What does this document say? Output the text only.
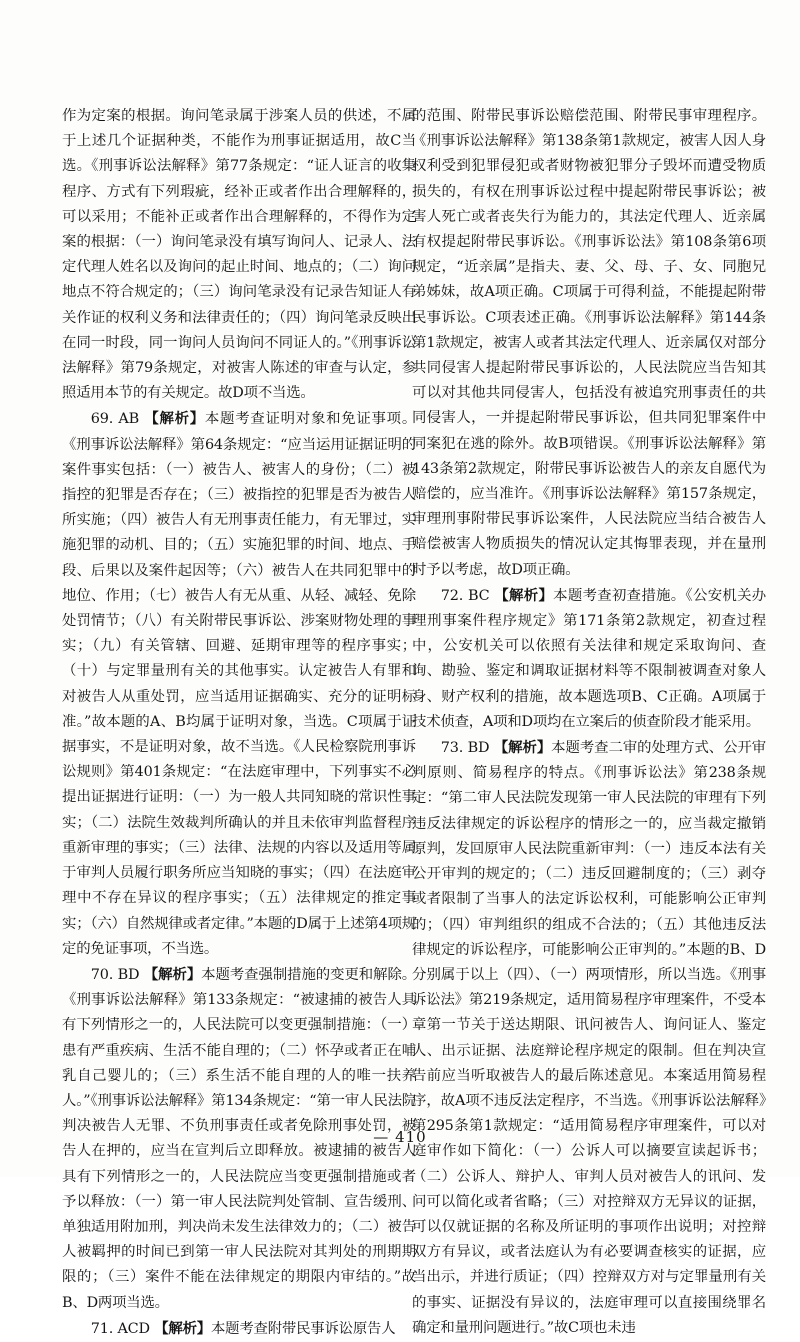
作为定案的根据。询问笔录属于涉案人员的供述，不属于上述几个证据种类，不能作为刑事证据适用，故C当选。《刑事诉讼法解释》第77条规定：“证人证言的收集程序、方式有下列瑕疵，经补正或者作出合理解释的，可以采用；不能补正或者作出合理解释的，不得作为定案的根据：（一）询问笔录没有填写询问人、记录人、法定代理人姓名以及询问的起止时间、地点的；（二）询问地点不符合规定的；（三）询问笔录没有记录告知证人有关作证的权利义务和法律责任的；（四）询问笔录反映出在同一时段，同一询问人员询问不同证人的。”《刑事诉讼法解释》第79条规定，对被害人陈述的审查与认定，参照适用本节的有关规定。故D项不当选。

69. AB 【解析】本题考查证明对象和免证事项。《刑事诉讼法解释》第64条规定：“应当运用证据证明的案件事实包括：（一）被告人、被害人的身份；（二）被指控的犯罪是否存在；（三）被指控的犯罪是否为被告人所实施；（四）被告人有无刑事责任能力，有无罪过，实施犯罪的动机、目的；（五）实施犯罪的时间、地点、手段、后果以及案件起因等；（六）被告人在共同犯罪中的地位、作用；（七）被告人有无从重、从轻、减轻、免除处罚情节；（八）有关附带民事诉讼、涉案财物处理的事实；（九）有关管辖、回避、延期审理等的程序事实；（十）与定罪量刑有关的其他事实。认定被告人有罪和对被告人从重处罚，应当适用证据确实、充分的证明标准。”故本题的A、B均属于证明对象，当选。C项属于证据事实，不是证明对象，故不当选。《人民检察院刑事诉讼规则》第401条规定：“在法庭审理中，下列事实不必提出证据进行证明：（一）为一般人共同知晓的常识性事实；（二）法院生效裁判所确认的并且未依审判监督程序重新审理的事实；（三）法律、法规的内容以及适用等属于审判人员履行职务所应当知晓的事实；（四）在法庭审理中不存在异议的程序事实；（五）法律规定的推定事实；（六）自然规律或者定律。”本题的D属于上述第4项规定的免证事项，不当选。

70. BD 【解析】本题考查强制措施的变更和解除。《刑事诉讼法解释》第133条规定：“被逮捕的被告人具有下列情形之一的，人民法院可以变更强制措施：（一）患有严重疾病、生活不能自理的；（二）怀孕或者正在哺乳自己婴儿的；（三）系生活不能自理的人的唯一扶养人。”《刑事诉讼法解释》第134条规定：“第一审人民法院判决被告人无罪、不负刑事责任或者免除刑事处罚，被告人在押的，应当在宣判后立即释放。被逮捕的被告人具有下列情形之一的，人民法院应当变更强制措施或者予以释放：（一）第一审人民法院判处管制、宣告缓刑、单独适用附加刑，判决尚未发生法律效力的；（二）被告人被羁押的时间已到第一审人民法院对其判处的刑期期限的；（三）案件不能在法律规定的期限内审结的。”故B、D两项当选。

71. ACD 【解析】本题考查附带民事诉讼原告人

的范围、附带民事诉讼赔偿范围、附带民事审理程序。《刑事诉讼法解释》第138条第1款规定，被害人因人身权利受到犯罪侵犯或者财物被犯罪分子毁坏而遭受物质损失的，有权在刑事诉讼过程中提起附带民事诉讼；被害人死亡或者丧失行为能力的，其法定代理人、近亲属有权提起附带民事诉讼。《刑事诉讼法》第108条第6项规定，“近亲属”是指夫、妻、父、母、子、女、同胞兄弟姊妹，故A项正确。C项属于可得利益，不能提起附带民事诉讼。C项表述正确。《刑事诉讼法解释》第144条第1款规定，被害人或者其法定代理人、近亲属仅对部分共同侵害人提起附带民事诉讼的，人民法院应当告知其可以对其他共同侵害人，包括没有被追究刑事责任的共同侵害人，一并提起附带民事诉讼，但共同犯罪案件中同案犯在逃的除外。故B项错误。《刑事诉讼法解释》第143条第2款规定，附带民事诉讼被告人的亲友自愿代为赔偿的，应当准许。《刑事诉讼法解释》第157条规定，审理刑事附带民事诉讼案件，人民法院应当结合被告人赔偿被害人物质损失的情况认定其悔罪表现，并在量刑时予以考虑，故D项正确。

72. BC 【解析】本题考查初查措施。《公安机关办理刑事案件程序规定》第171条第2款规定，初查过程中，公安机关可以依照有关法律和规定采取询问、查询、勘验、鉴定和调取证据材料等不限制被调查对象人身、财产权利的措施，故本题选项B、C正确。A项属于技术侦查，A项和D项均在立案后的侦查阶段才能采用。

73. BD 【解析】本题考查二审的处理方式、公开审判原则、简易程序的特点。《刑事诉讼法》第238条规定：“第二审人民法院发现第一审人民法院的审理有下列违反法律规定的诉讼程序的情形之一的，应当裁定撤销原判，发回原审人民法院重新审判：（一）违反本法有关公开审判的规定的；（二）违反回避制度的；（三）剥夺或者限制了当事人的法定诉讼权利，可能影响公正审判的；（四）审判组织的组成不合法的；（五）其他违反法律规定的诉讼程序，可能影响公正审判的。”本题的B、D分别属于以上（四）、（一）两项情形，所以当选。《刑事诉讼法》第219条规定，适用简易程序审理案件，不受本章第一节关于送达期限、讯问被告人、询问证人、鉴定人、出示证据、法庭辩论程序规定的限制。但在判决宣告前应当听取被告人的最后陈述意见。本案适用简易程序，故A项不违反法定程序，不当选。《刑事诉讼法解释》第295条第1款规定：“适用简易程序审理案件，可以对庭审作如下简化：（一）公诉人可以摘要宣读起诉书；（二）公诉人、辩护人、审判人员对被告人的讯问、发问可以简化或者省略；（三）对控辩双方无异议的证据，可以仅就证据的名称及所证明的事项作出说明；对控辩双方有异议，或者法庭认为有必要调查核实的证据，应当出示，并进行质证；（四）控辩双方对与定罪量刑有关的事实、证据没有异议的，法庭审理可以直接围绕罪名确定和量刑问题进行。”故C项也未违

— 410
